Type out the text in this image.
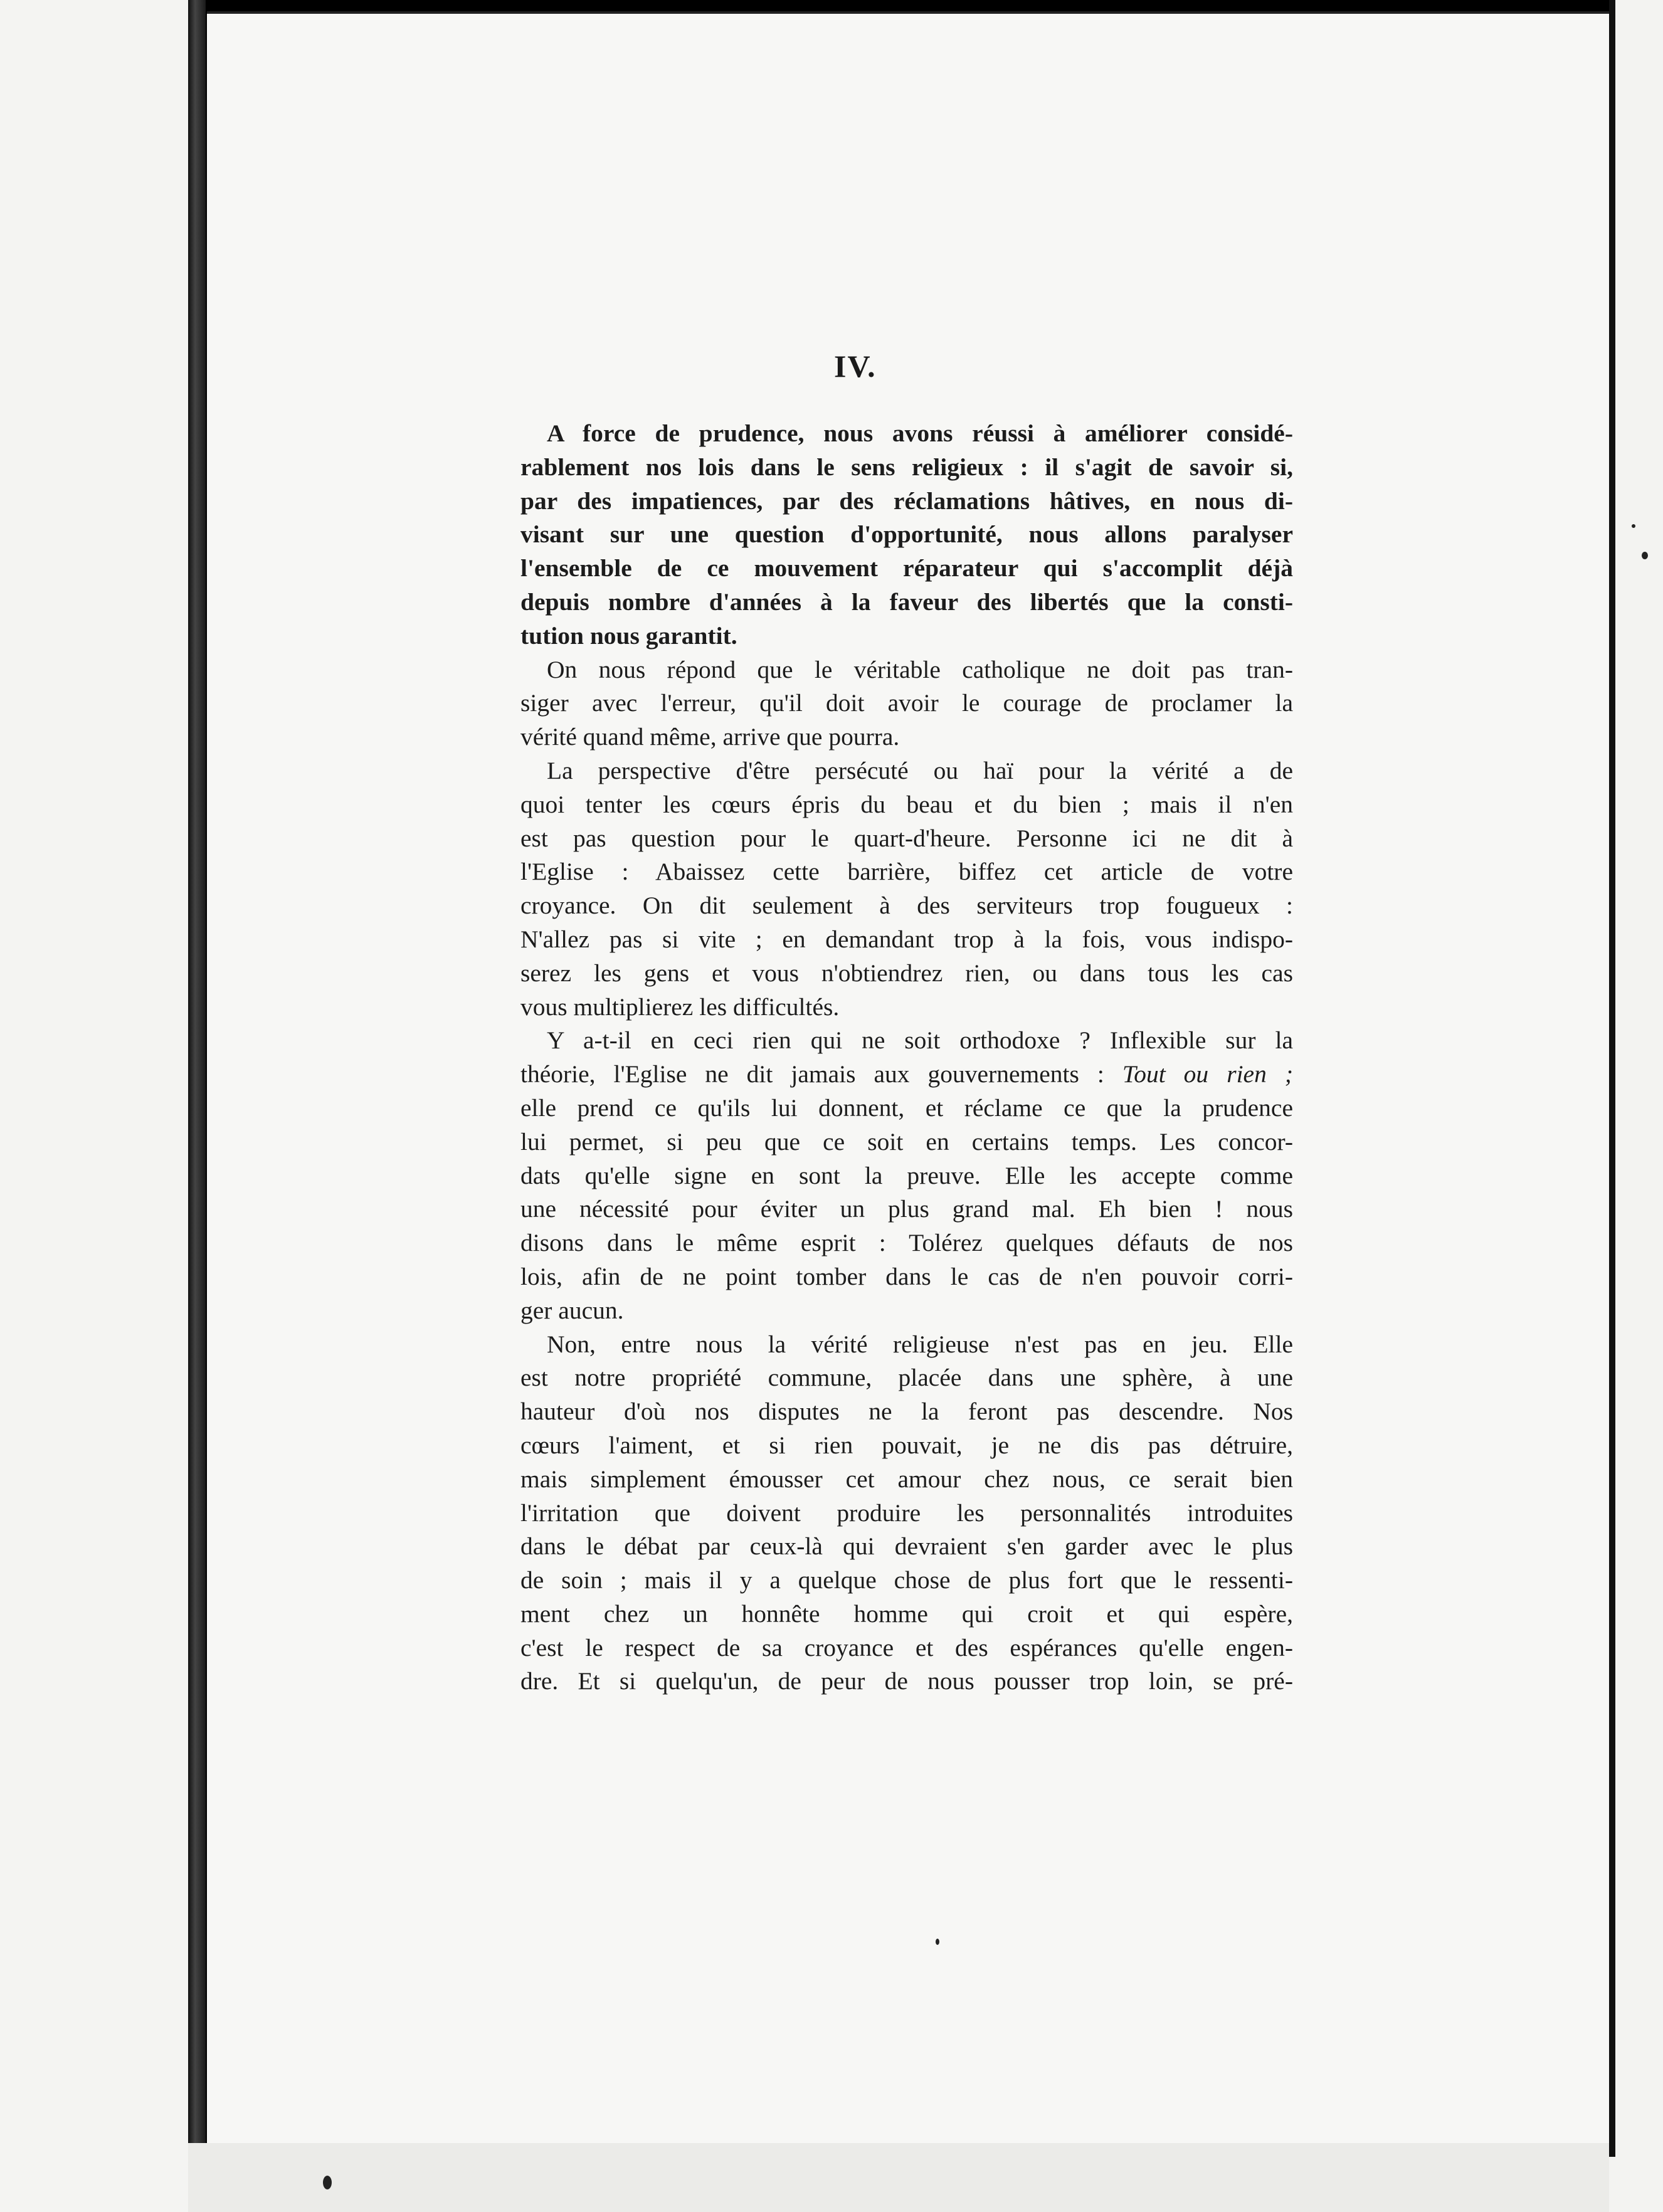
IV.
A force de prudence, nous avons réussi à améliorer considé-
rablement nos lois dans le sens religieux : il s'agit de savoir si,
par des impatiences, par des réclamations hâtives, en nous di-
visant sur une question d'opportunité, nous allons paralyser
l'ensemble de ce mouvement réparateur qui s'accomplit déjà
depuis nombre d'années à la faveur des libertés que la consti-
tution nous garantit.
On nous répond que le véritable catholique ne doit pas tran-
siger avec l'erreur, qu'il doit avoir le courage de proclamer la
vérité quand même, arrive que pourra.
La perspective d'être persécuté ou haï pour la vérité a de
quoi tenter les cœurs épris du beau et du bien ; mais il n'en
est pas question pour le quart-d'heure. Personne ici ne dit à
l'Eglise : Abaissez cette barrière, biffez cet article de votre
croyance. On dit seulement à des serviteurs trop fougueux :
N'allez pas si vite ; en demandant trop à la fois, vous indispo-
serez les gens et vous n'obtiendrez rien, ou dans tous les cas
vous multiplierez les difficultés.
Y a-t-il en ceci rien qui ne soit orthodoxe ? Inflexible sur la
théorie, l'Eglise ne dit jamais aux gouvernements : Tout ou rien ;
elle prend ce qu'ils lui donnent, et réclame ce que la prudence
lui permet, si peu que ce soit en certains temps. Les concor-
dats qu'elle signe en sont la preuve. Elle les accepte comme
une nécessité pour éviter un plus grand mal. Eh bien ! nous
disons dans le même esprit : Tolérez quelques défauts de nos
lois, afin de ne point tomber dans le cas de n'en pouvoir corri-
ger aucun.
Non, entre nous la vérité religieuse n'est pas en jeu. Elle
est notre propriété commune, placée dans une sphère, à une
hauteur d'où nos disputes ne la feront pas descendre. Nos
cœurs l'aiment, et si rien pouvait, je ne dis pas détruire,
mais simplement émousser cet amour chez nous, ce serait bien
l'irritation que doivent produire les personnalités introduites
dans le débat par ceux-là qui devraient s'en garder avec le plus
de soin ; mais il y a quelque chose de plus fort que le ressenti-
ment chez un honnête homme qui croit et qui espère,
c'est le respect de sa croyance et des espérances qu'elle engen-
dre. Et si quelqu'un, de peur de nous pousser trop loin, se pré-
